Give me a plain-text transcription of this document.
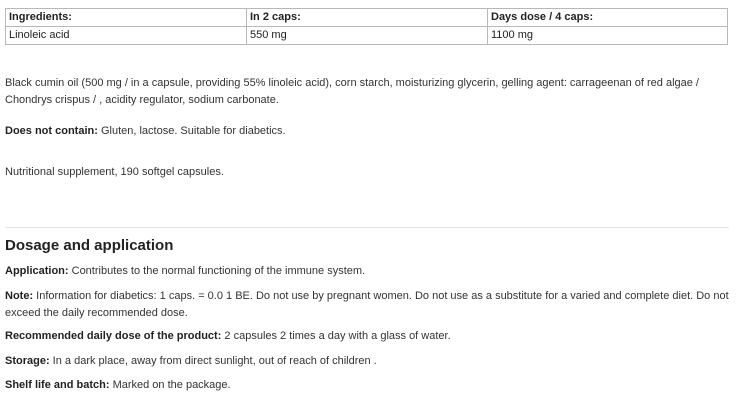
Ingredients:	In 2 caps:	Days dose / 4 caps:
Linoleic acid	550 mg	1100 mg

Black cumin oil (500 mg / in a capsule, providing 55% linoleic acid), corn starch, moisturizing glycerin, gelling agent: carrageenan of red algae / Chondrys crispus / , acidity regulator, sodium carbonate.

Does not contain: Gluten, lactose. Suitable for diabetics.

Nutritional supplement, 190 softgel capsules.

Dosage and application

Application: Contributes to the normal functioning of the immune system.

Note: Information for diabetics: 1 caps. = 0.0 1 BE. Do not use by pregnant women. Do not use as a substitute for a varied and complete diet. Do not exceed the daily recommended dose.

Recommended daily dose of the product: 2 capsules 2 times a day with a glass of water.

Storage: In a dark place, away from direct sunlight, out of reach of children .

Shelf life and batch: Marked on the package.
